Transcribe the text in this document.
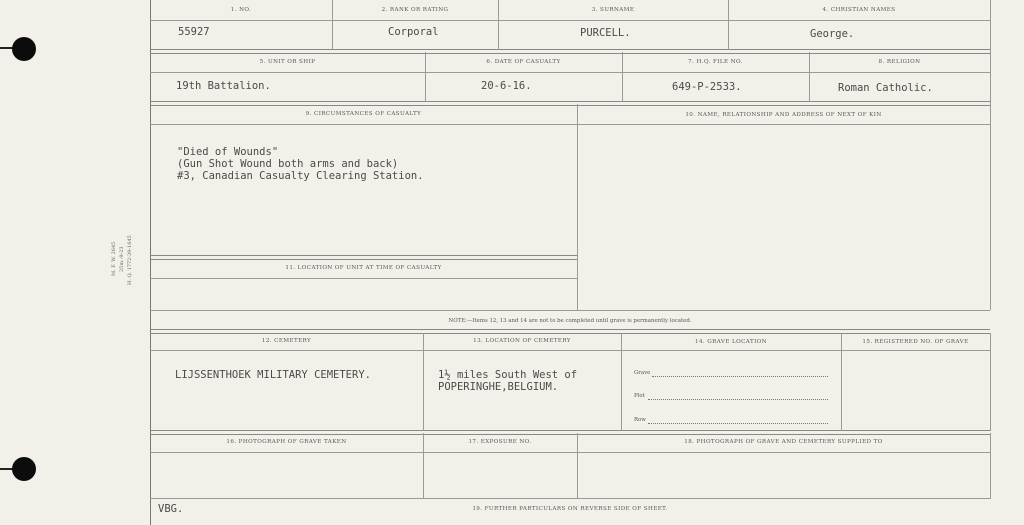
M. F. W. 2645 25m.-9-23 H. Q. 1772-39-1645
1. NO.	2. RANK OR RATING	3. SURNAME	4. CHRISTIAN NAMES
55927	Corporal	PURCELL.	George.
5. UNIT OR SHIP	6. DATE OF CASUALTY	7. H.Q. FILE NO.	8. RELIGION
19th Battalion.	20-6-16.	649-P-2533.	Roman Catholic.
9. CIRCUMSTANCES OF CASUALTY	10. NAME, RELATIONSHIP AND ADDRESS OF NEXT OF KIN
"Died of Wounds"
(Gun Shot Wound both arms and back)
#3, Canadian Casualty Clearing Station.
11. LOCATION OF UNIT AT TIME OF CASUALTY
NOTE:—Items 12, 13 and 14 are not to be completed until grave is permanently located.
12. CEMETERY	13. LOCATION OF CEMETERY	14. GRAVE LOCATION	15. REGISTERED NO. OF GRAVE
LIJSSENTHOEK MILITARY CEMETERY.	1½ miles South West of
POPERINGHE,BELGIUM.
Grave
Plot
Row
16. PHOTOGRAPH OF GRAVE TAKEN	17. EXPOSURE NO.	18. PHOTOGRAPH OF GRAVE AND CEMETERY SUPPLIED TO
VBG.	19. FURTHER PARTICULARS ON REVERSE SIDE OF SHEET.
